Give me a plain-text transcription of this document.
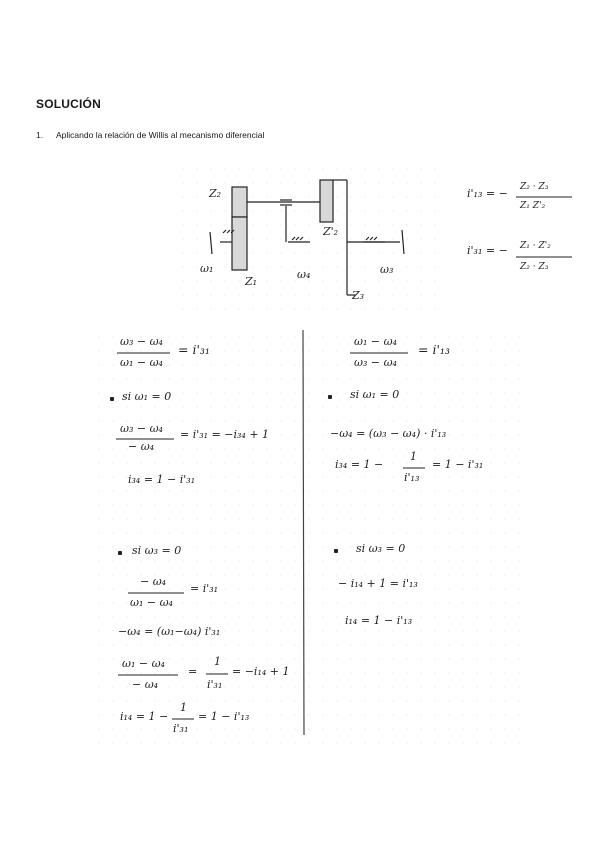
SOLUCIÓN
1. Aplicando la relación de Willis al mecanismo diferencial
Z₂
Z'₂
Z₁
Z₃
ω₁	ω₄	ω₃
i'₁₃ = − Z₂ · Z₃
Z₁ Z'₂
i'₃₁ = − Z₁ · Z'₂
Z₂ · Z₃
ω₃ − ω₄
ω₁ − ω₄
= i'₃₁
si ω₁ = 0
ω₃ − ω₄
− ω₄
= i'₃₁ = −i₃₄ + 1
i₃₄ = 1 − i'₃₁
si ω₃ = 0
− ω₄
ω₁ − ω₄
= i'₃₁
−ω₄ = (ω₁−ω₄) i'₃₁
ω₁ − ω₄
− ω₄
=
1
i'₃₁
= −i₁₄ + 1
i₁₄ = 1 −
1
i'₃₁
= 1 − i'₁₃
ω₁ − ω₄
ω₃ − ω₄
= i'₁₃
si ω₁ = 0
−ω₄ = (ω₃ − ω₄) · i'₁₃
i₃₄ = 1 −
1
i'₁₃
= 1 − i'₃₁
si ω₃ = 0
− i₁₄ + 1 = i'₁₃
i₁₄ = 1 − i'₁₃
